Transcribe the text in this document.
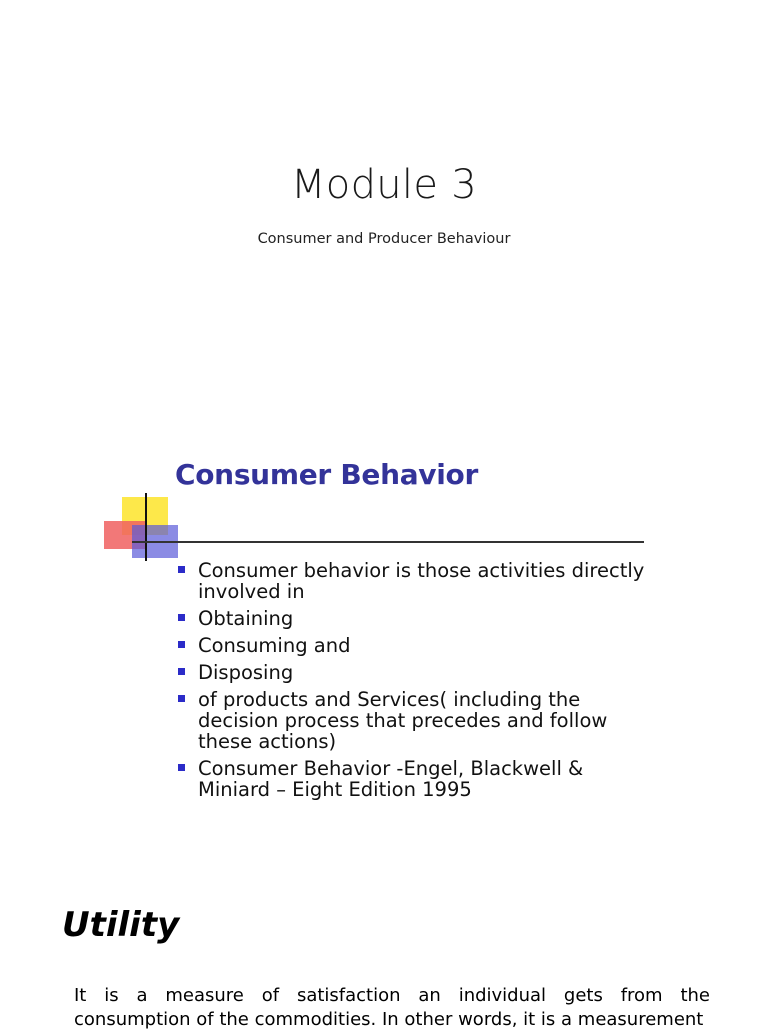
Module 3
Consumer and Producer Behaviour
Consumer Behavior
Consumer behavior is those activities directly involved in
Obtaining
Consuming and
Disposing
of products and Services( including the decision process that precedes and follow these actions)
Consumer Behavior -Engel, Blackwell & Miniard – Eight Edition 1995
Utility

It is a measure of satisfaction an individual gets from the consumption of the commodities. In other words, it is a measurement
